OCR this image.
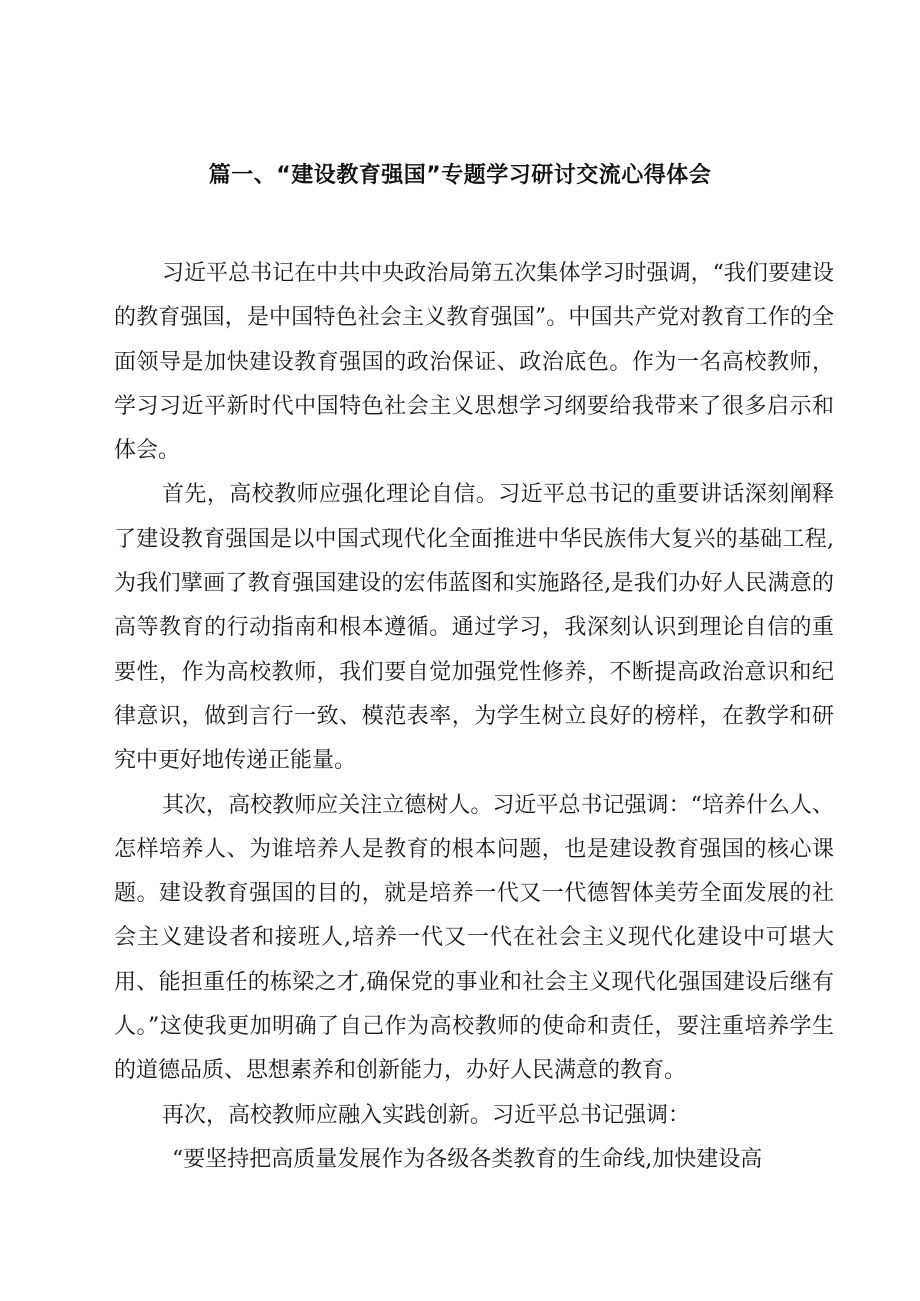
篇一、“建设教育强国”专题学习研讨交流心得体会

习近平总书记在中共中央政治局第五次集体学习时强调，“我们要建设的教育强国，是中国特色社会主义教育强国”。中国共产党对教育工作的全面领导是加快建设教育强国的政治保证、政治底色。作为一名高校教师，学习习近平新时代中国特色社会主义思想学习纲要给我带来了很多启示和体会。

首先，高校教师应强化理论自信。习近平总书记的重要讲话深刻阐释了建设教育强国是以中国式现代化全面推进中华民族伟大复兴的基础工程,为我们擘画了教育强国建设的宏伟蓝图和实施路径,是我们办好人民满意的高等教育的行动指南和根本遵循。通过学习，我深刻认识到理论自信的重要性，作为高校教师，我们要自觉加强党性修养，不断提高政治意识和纪律意识，做到言行一致、模范表率，为学生树立良好的榜样，在教学和研究中更好地传递正能量。

其次，高校教师应关注立德树人。习近平总书记强调：“培养什么人、怎样培养人、为谁培养人是教育的根本问题，也是建设教育强国的核心课题。建设教育强国的目的，就是培养一代又一代德智体美劳全面发展的社会主义建设者和接班人,培养一代又一代在社会主义现代化建设中可堪大用、能担重任的栋梁之才,确保党的事业和社会主义现代化强国建设后继有人。”这使我更加明确了自己作为高校教师的使命和责任，要注重培养学生的道德品质、思想素养和创新能力，办好人民满意的教育。

再次，高校教师应融入实践创新。习近平总书记强调：

“要坚持把高质量发展作为各级各类教育的生命线,加快建设高
